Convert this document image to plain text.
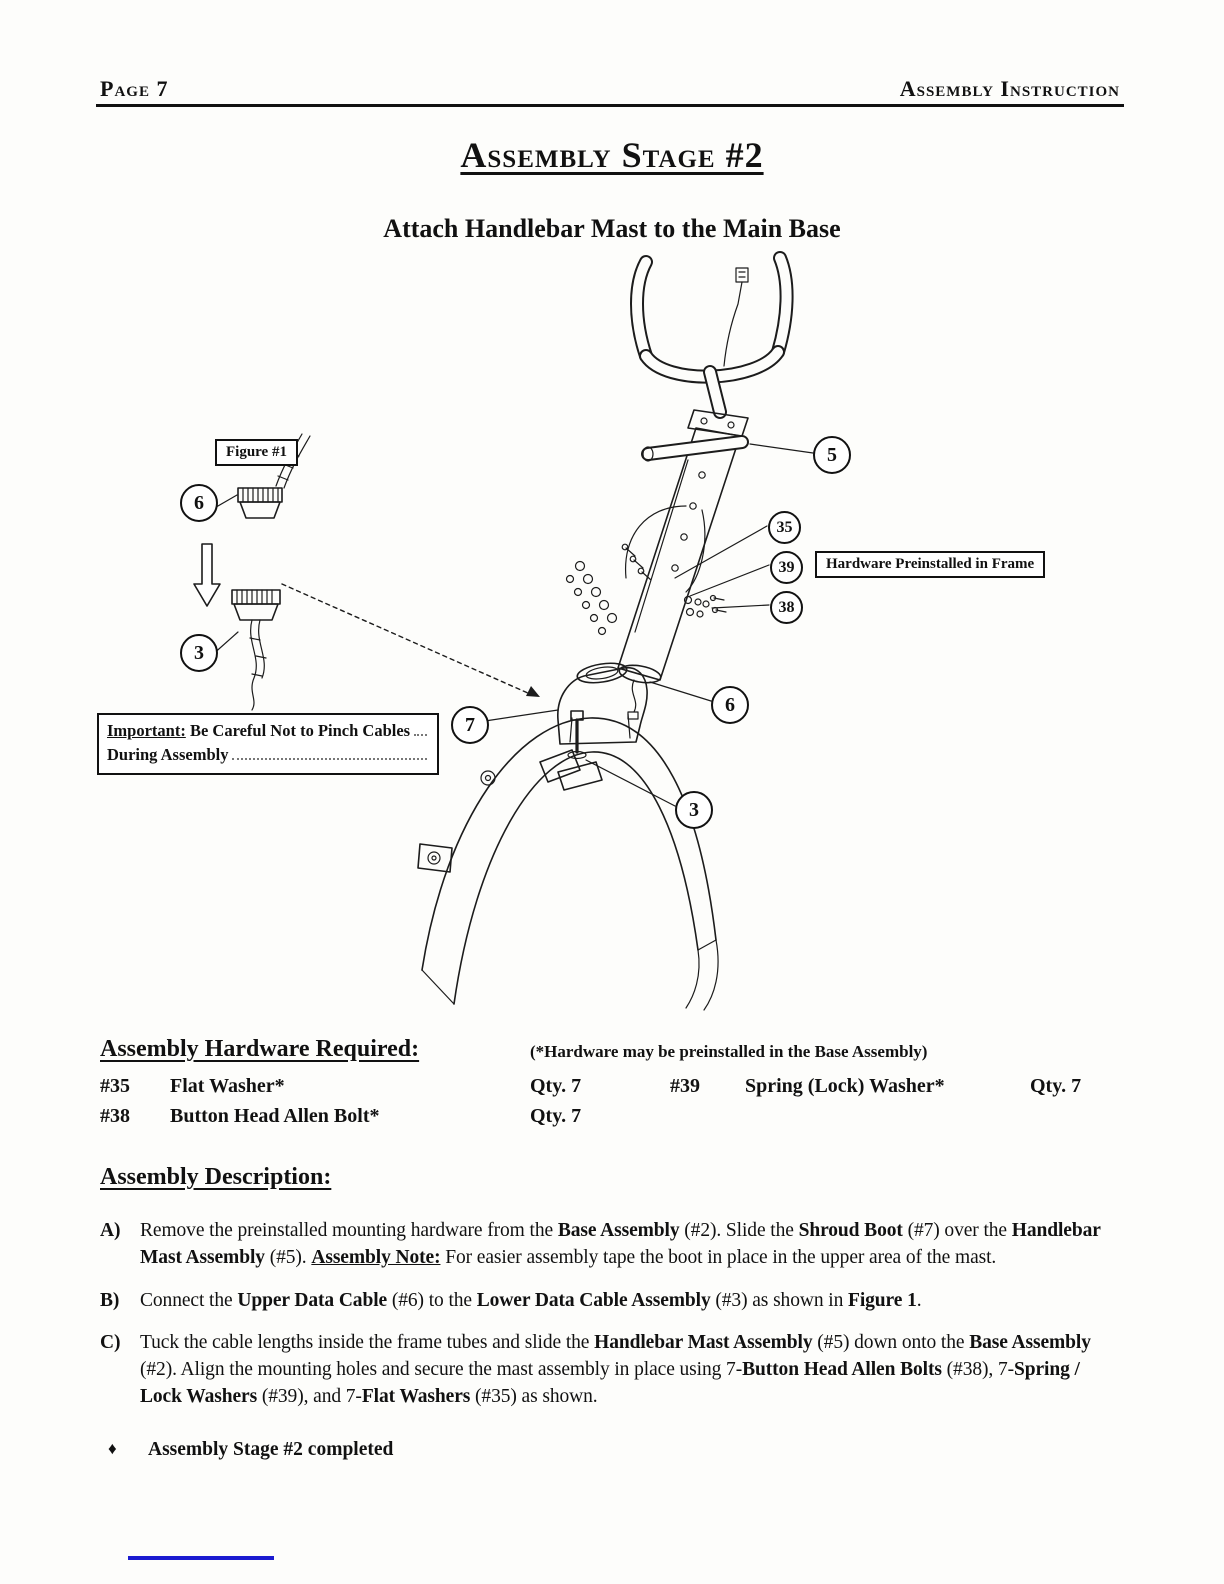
Page 7	Assembly Instruction
Assembly Stage #2
Attach Handlebar Mast to the Main Base
Figure #1
Hardware Preinstalled in Frame
Important: Be Careful Not to Pinch Cables
During Assembly
5
35
39
38
6
6
3
7
3
Assembly Hardware Required:	(*Hardware may be preinstalled in the Base Assembly)
#35	Flat Washer*	Qty. 7	#39	Spring (Lock) Washer*	Qty. 7
#38	Button Head Allen Bolt*	Qty. 7
Assembly Description:
A)	Remove the preinstalled mounting hardware from the Base Assembly (#2). Slide the Shroud Boot (#7) over the Handlebar Mast Assembly (#5). Assembly Note: For easier assembly tape the boot in place in the upper area of the mast.
B)	Connect the Upper Data Cable (#6) to the Lower Data Cable Assembly (#3) as shown in Figure 1.
C)	Tuck the cable lengths inside the frame tubes and slide the Handlebar Mast Assembly (#5) down onto the Base Assembly (#2). Align the mounting holes and secure the mast assembly in place using 7-Button Head Allen Bolts (#38), 7-Spring / Lock Washers (#39), and 7-Flat Washers (#35) as shown.
♦	Assembly Stage #2 completed
